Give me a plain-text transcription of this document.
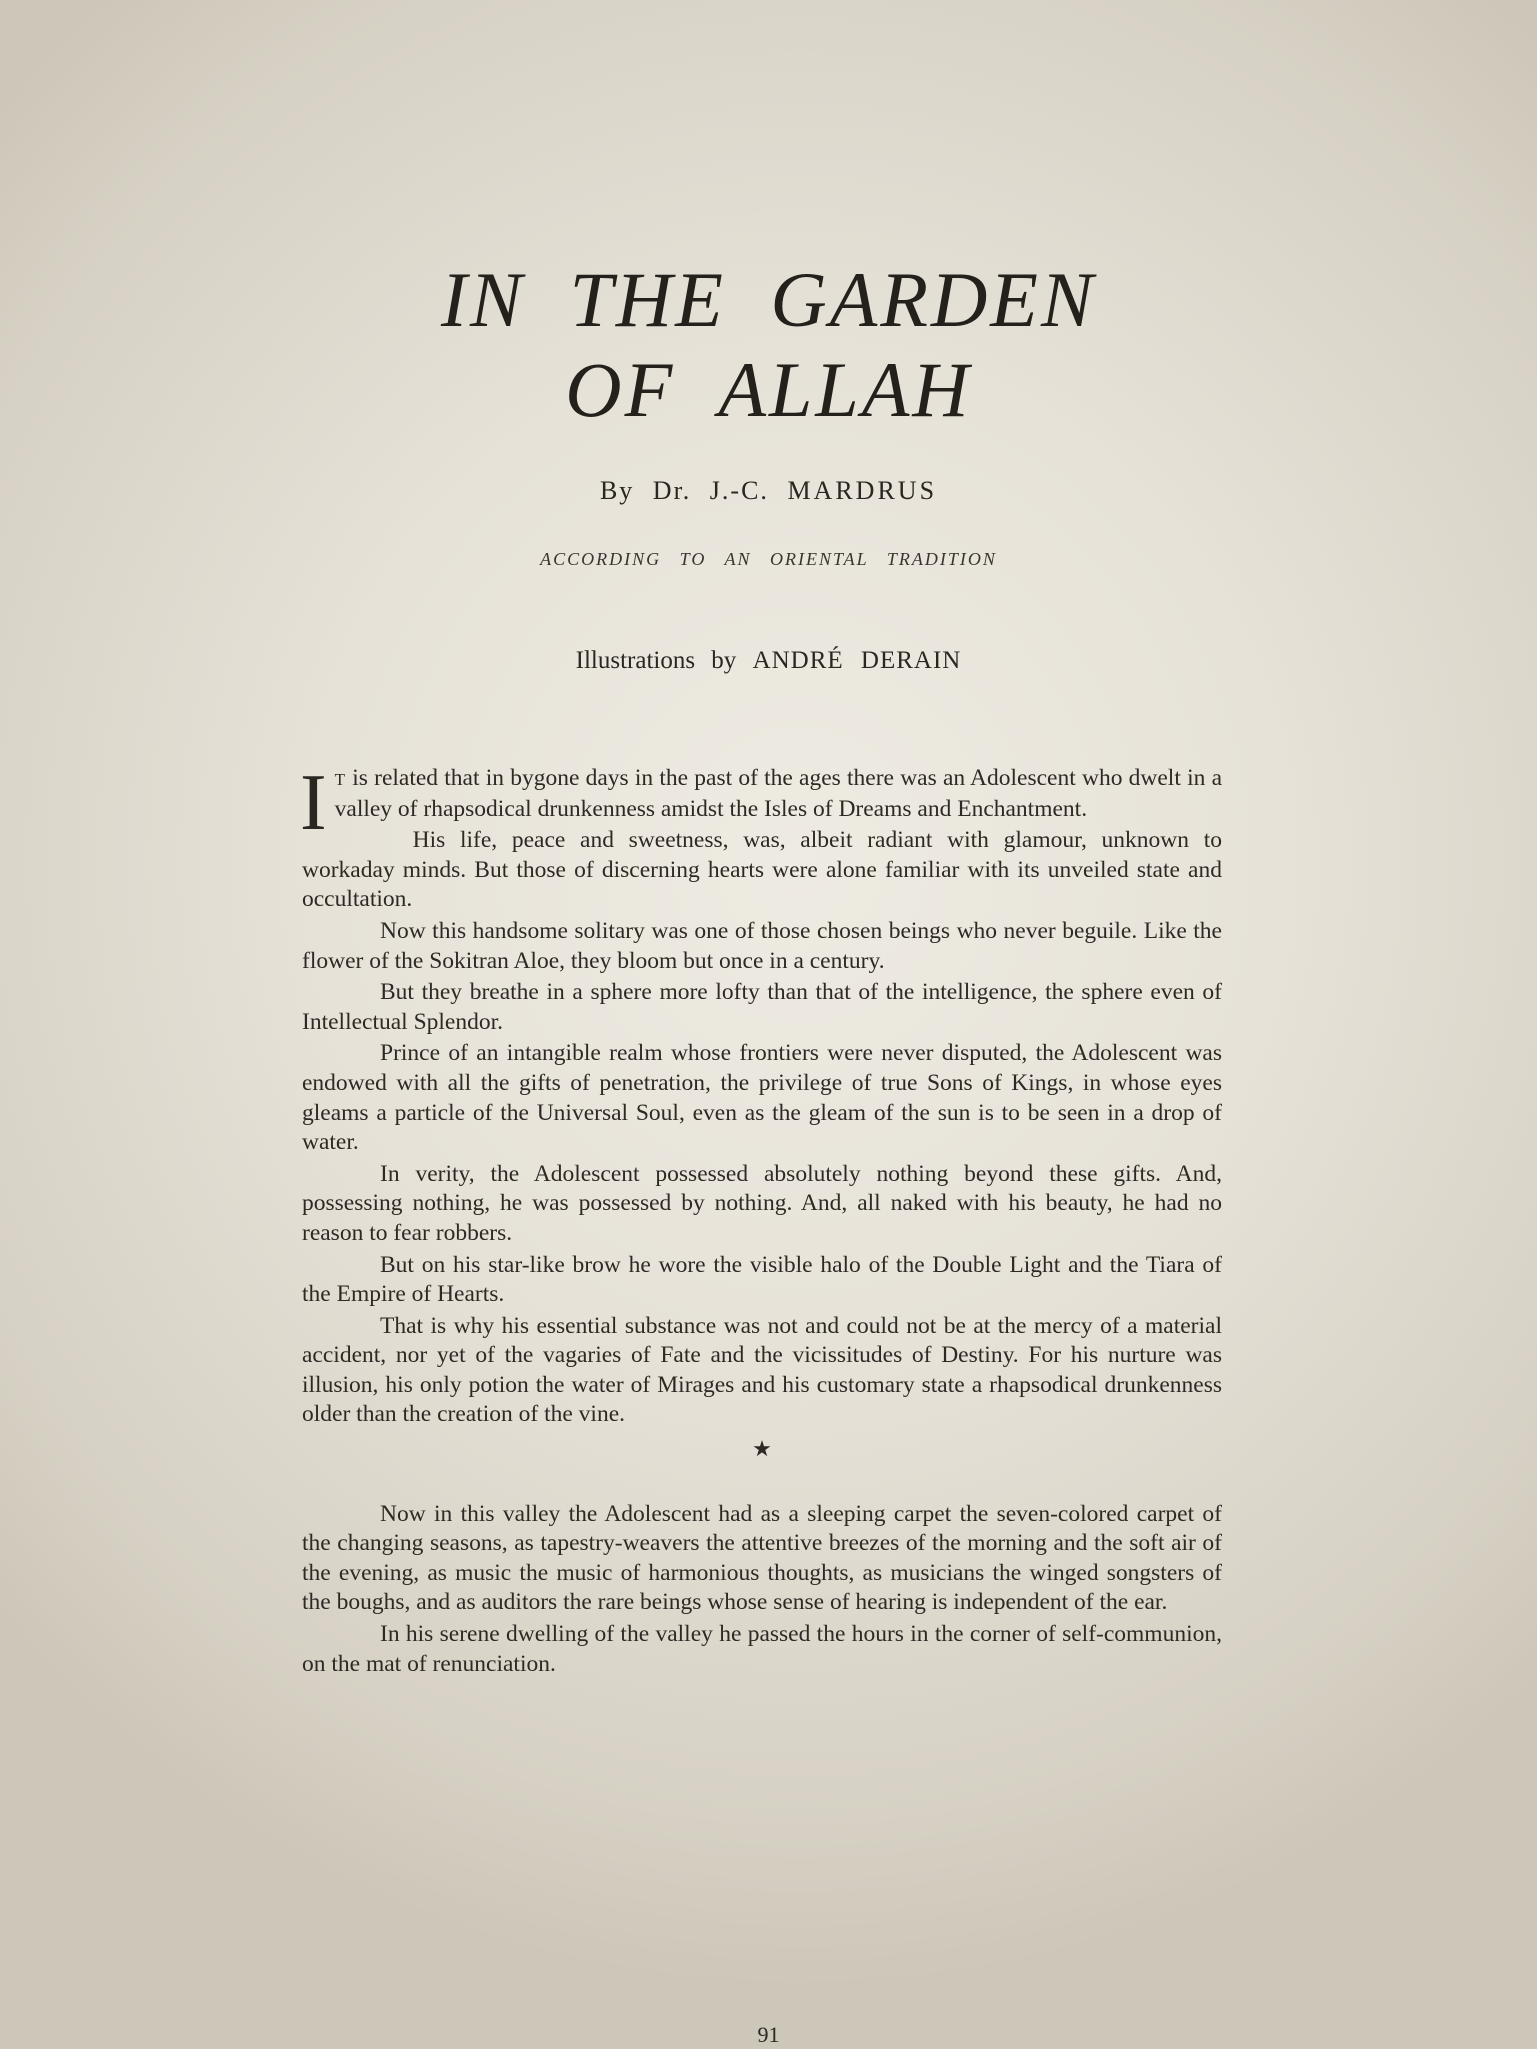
IN THE GARDEN
OF ALLAH
By Dr. J.-C. MARDRUS
ACCORDING TO AN ORIENTAL TRADITION
Illustrations by ANDRÉ DERAIN

I T is related that in bygone days in the past of the ages there was an Adolescent who dwelt in a valley of rhapsodical drunkenness amidst the Isles of Dreams and Enchantment.

His life, peace and sweetness, was, albeit radiant with glamour, unknown to workaday minds. But those of discerning hearts were alone familiar with its unveiled state and occultation.

Now this handsome solitary was one of those chosen beings who never beguile. Like the flower of the Sokitran Aloe, they bloom but once in a century.

But they breathe in a sphere more lofty than that of the intelligence, the sphere even of Intellectual Splendor.

Prince of an intangible realm whose frontiers were never disputed, the Adolescent was endowed with all the gifts of penetration, the privilege of true Sons of Kings, in whose eyes gleams a particle of the Universal Soul, even as the gleam of the sun is to be seen in a drop of water.

In verity, the Adolescent possessed absolutely nothing beyond these gifts. And, possessing nothing, he was possessed by nothing. And, all naked with his beauty, he had no reason to fear robbers.

But on his star-like brow he wore the visible halo of the Double Light and the Tiara of the Empire of Hearts.

That is why his essential substance was not and could not be at the mercy of a material accident, nor yet of the vagaries of Fate and the vicissitudes of Destiny. For his nurture was illusion, his only potion the water of Mirages and his customary state a rhapsodical drunkenness older than the creation of the vine.

★

Now in this valley the Adolescent had as a sleeping carpet the seven-colored carpet of the changing seasons, as tapestry-weavers the attentive breezes of the morning and the soft air of the evening, as music the music of harmonious thoughts, as musicians the winged songsters of the boughs, and as auditors the rare beings whose sense of hearing is independent of the ear.

In his serene dwelling of the valley he passed the hours in the corner of self-communion, on the mat of renunciation.

91
